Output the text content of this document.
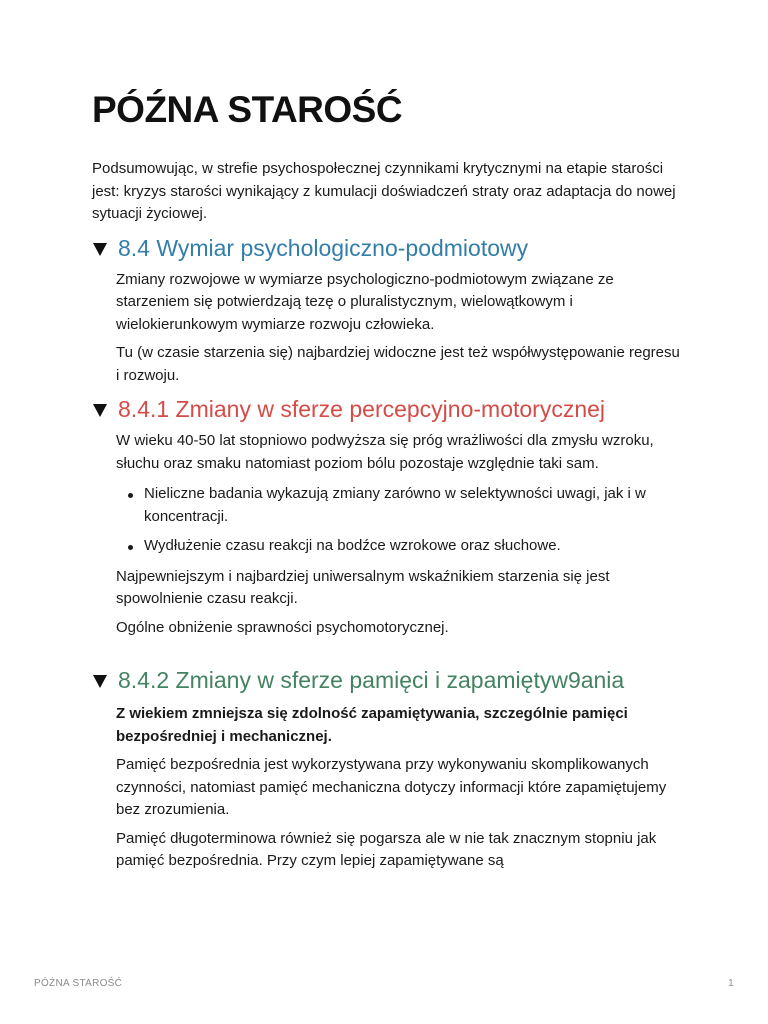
PÓŹNA STAROŚĆ

Podsumowując, w strefie psychospołecznej czynnikami krytycznymi na etapie starości jest: kryzys starości wynikający z kumulacji doświadczeń straty oraz adaptacja do nowej sytuacji życiowej.

8.4 Wymiar psychologiczno-podmiotowy

Zmiany rozwojowe w wymiarze psychologiczno-podmiotowym związane ze starzeniem się potwierdzają tezę o pluralistycznym, wielowątkowym i wielokierunkowym wymiarze rozwoju człowieka.

Tu (w czasie starzenia się) najbardziej widoczne jest też współwystępowanie regresu i rozwoju.

8.4.1 Zmiany w sferze percepcyjno-motorycznej

W wieku 40-50 lat stopniowo podwyższa się próg wrażliwości dla zmysłu wzroku, słuchu oraz smaku natomiast poziom bólu pozostaje względnie taki sam.

Nieliczne badania wykazują zmiany zarówno w selektywności uwagi, jak i w koncentracji.
Wydłużenie czasu reakcji na bodźce wzrokowe oraz słuchowe.

Najpewniejszym i najbardziej uniwersalnym wskaźnikiem starzenia się jest spowolnienie czasu reakcji.

Ogólne obniżenie sprawności psychomotorycznej.

8.4.2 Zmiany w sferze pamięci i zapamiętyw9ania

Z wiekiem zmniejsza się zdolność zapamiętywania, szczególnie pamięci bezpośredniej i mechanicznej.

Pamięć bezpośrednia jest wykorzystywana przy wykonywaniu skomplikowanych czynności, natomiast pamięć mechaniczna dotyczy informacji które zapamiętujemy bez zrozumienia.

Pamięć długoterminowa również się pogarsza ale w nie tak znacznym stopniu jak pamięć bezpośrednia. Przy czym lepiej zapamiętywane są

PÓŹNA STAROŚĆ	1
